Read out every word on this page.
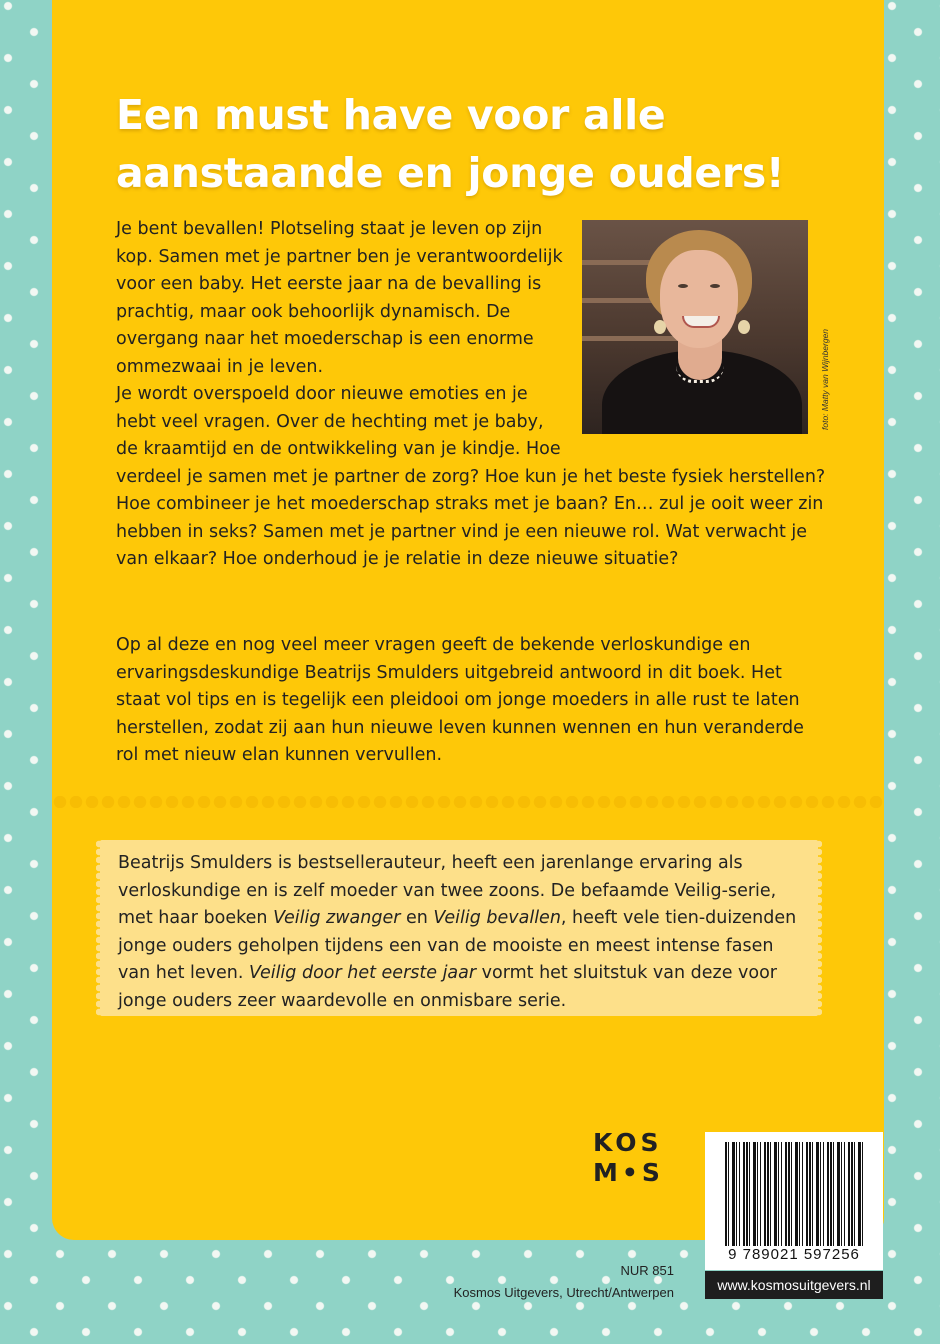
Een must have voor alle
aanstaande en jonge ouders!
foto: Matty van Wijnbergen
Je bent bevallen! Plotseling staat je leven op zijn kop. Samen met je partner ben je verantwoordelijk voor een baby. Het eerste jaar na de bevalling is prachtig, maar ook behoorlijk dynamisch. De overgang naar het moederschap is een enorme ommezwaai in je leven.
Je wordt overspoeld door nieuwe emoties en je hebt veel vragen. Over de hechting met je baby, de kraamtijd en de ontwikkeling van je kindje. Hoe verdeel je samen met je partner de zorg? Hoe kun je het beste fysiek herstellen? Hoe combineer je het moederschap straks met je baan? En… zul je ooit weer zin hebben in seks? Samen met je partner vind je een nieuwe rol. Wat verwacht je van elkaar? Hoe onderhoud je je relatie in deze nieuwe situatie?

Op al deze en nog veel meer vragen geeft de bekende verloskundige en ervaringsdeskundige Beatrijs Smulders uitgebreid antwoord in dit boek. Het staat vol tips en is tegelijk een pleidooi om jonge moeders in alle rust te laten herstellen, zodat zij aan hun nieuwe leven kunnen wennen en hun veranderde rol met nieuw elan kunnen vervullen.

Beatrijs Smulders is bestsellerauteur, heeft een jarenlange ervaring als verloskundige en is zelf moeder van twee zoons. De befaamde Veilig-serie, met haar boeken Veilig zwanger en Veilig bevallen, heeft vele tien-duizenden jonge ouders geholpen tijdens een van de mooiste en meest intense fasen van het leven. Veilig door het eerste jaar vormt het sluitstuk van deze voor jonge ouders zeer waardevolle en onmisbare serie.

KOS
M•S
9 789021 597256
www.kosmosuitgevers.nl
NUR 851
Kosmos Uitgevers, Utrecht/Antwerpen
